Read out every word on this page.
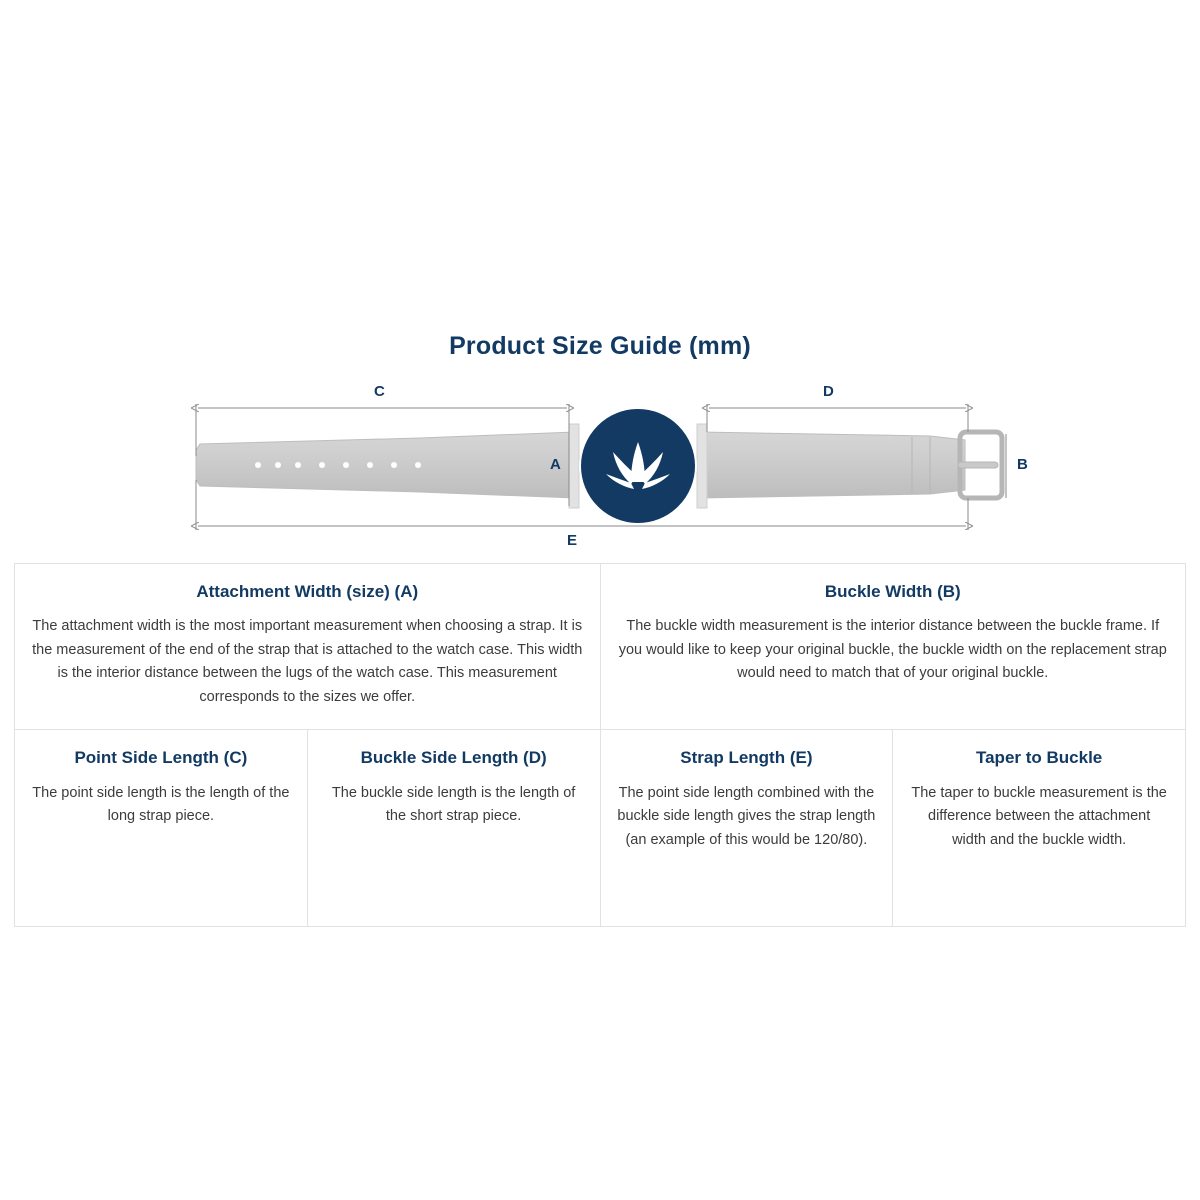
Product Size Guide (mm)
C	D
A	B
E
Attachment Width (size) (A)
The attachment width is the most important measurement when choosing a strap. It is the measurement of the end of the strap that is attached to the watch case. This width is the interior distance between the lugs of the watch case. This measurement corresponds to the sizes we offer.

Buckle Width (B)
The buckle width measurement is the interior distance between the buckle frame. If you would like to keep your original buckle, the buckle width on the replacement strap would need to match that of your original buckle.

Point Side Length (C)
The point side length is the length of the long strap piece.

Buckle Side Length (D)
The buckle side length is the length of the short strap piece.

Strap Length (E)
The point side length combined with the buckle side length gives the strap length (an example of this would be 120/80).

Taper to Buckle
The taper to buckle measurement is the difference between the attachment width and the buckle width.
